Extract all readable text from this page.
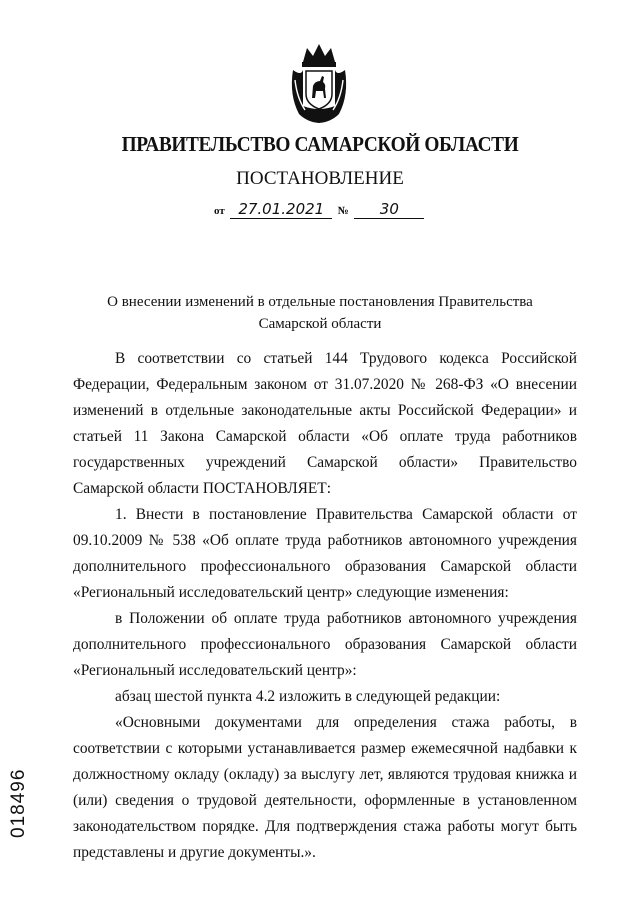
ПРАВИТЕЛЬСТВО САМАРСКОЙ ОБЛАСТИ
ПОСТАНОВЛЕНИЕ
от 27.01.2021 № 30
О внесении изменений в отдельные постановления Правительства
Самарской области

В соответствии со статьей 144 Трудового кодекса Российской Федерации, Федеральным законом от 31.07.2020 № 268-ФЗ «О внесении изменений в отдельные законодательные акты Российской Федерации» и статьей 11 Закона Самарской области «Об оплате труда работников государственных учреждений Самарской области» Правительство Самарской области ПОСТАНОВЛЯЕТ:

1. Внести в постановление Правительства Самарской области от 09.10.2009 № 538 «Об оплате труда работников автономного учреждения дополнительного профессионального образования Самарской области «Региональный исследовательский центр» следующие изменения:

в Положении об оплате труда работников автономного учреждения дополнительного профессионального образования Самарской области «Региональный исследовательский центр»:

абзац шестой пункта 4.2 изложить в следующей редакции:

«Основными документами для определения стажа работы, в соответствии с которыми устанавливается размер ежемесячной надбавки к должностному окладу (окладу) за выслугу лет, являются трудовая книжка и (или) сведения о трудовой деятельности, оформленные в установленном законодательством порядке. Для подтверждения стажа работы могут быть представлены и другие документы.».

018496
